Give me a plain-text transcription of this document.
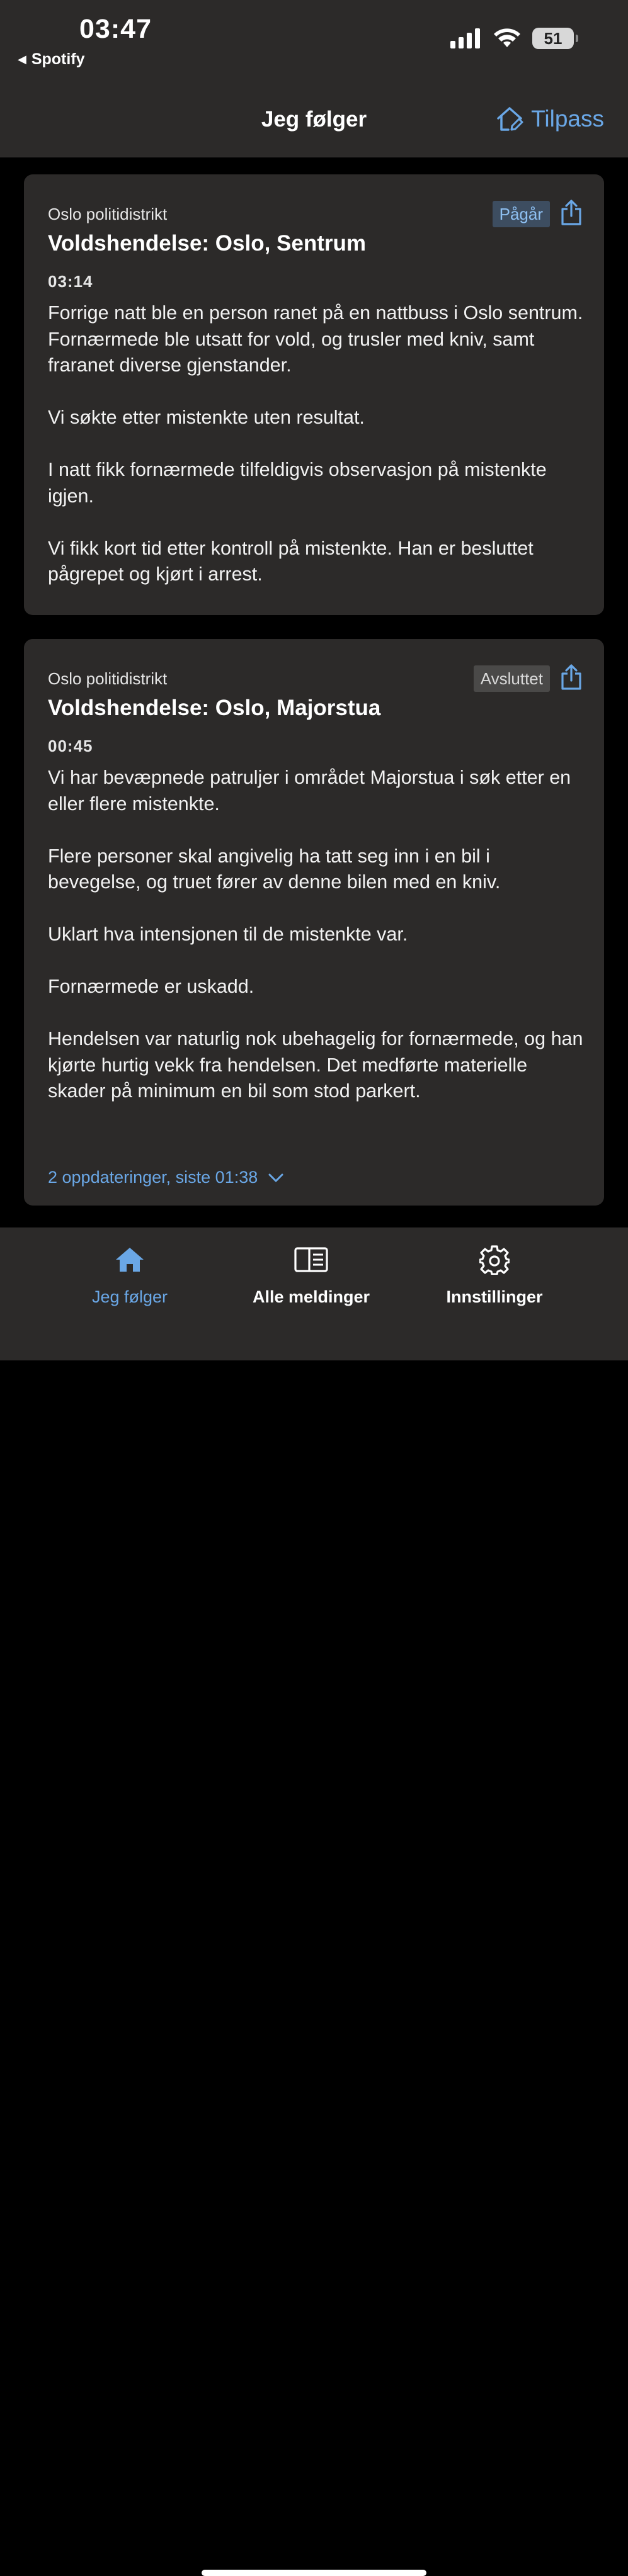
03:47
◀ Spotify
51
Jeg følger	Tilpass
Oslo politidistrikt	Pågår
Voldshendelse: Oslo, Sentrum
03:14

Forrige natt ble en person ranet på en nattbuss i Oslo sentrum. Fornærmede ble utsatt for vold, og trusler med kniv, samt fraranet diverse gjenstander.

Vi søkte etter mistenkte uten resultat.

I natt fikk fornærmede tilfeldigvis observasjon på mistenkte igjen.

Vi fikk kort tid etter kontroll på mistenkte. Han er besluttet pågrepet og kjørt i arrest.

Oslo politidistrikt	Avsluttet
Voldshendelse: Oslo, Majorstua
00:45

Vi har bevæpnede patruljer i området Majorstua i søk etter en eller flere mistenkte.

Flere personer skal angivelig ha tatt seg inn i en bil i bevegelse, og truet fører av denne bilen med en kniv.

Uklart hva intensjonen til de mistenkte var.

Fornærmede er uskadd.

Hendelsen var naturlig nok ubehagelig for fornærmede, og han kjørte hurtig vekk fra hendelsen. Det medførte materielle skader på minimum en bil som stod parkert.

2 oppdateringer, siste 01:38
Jeg følger	Alle meldinger	Innstillinger
